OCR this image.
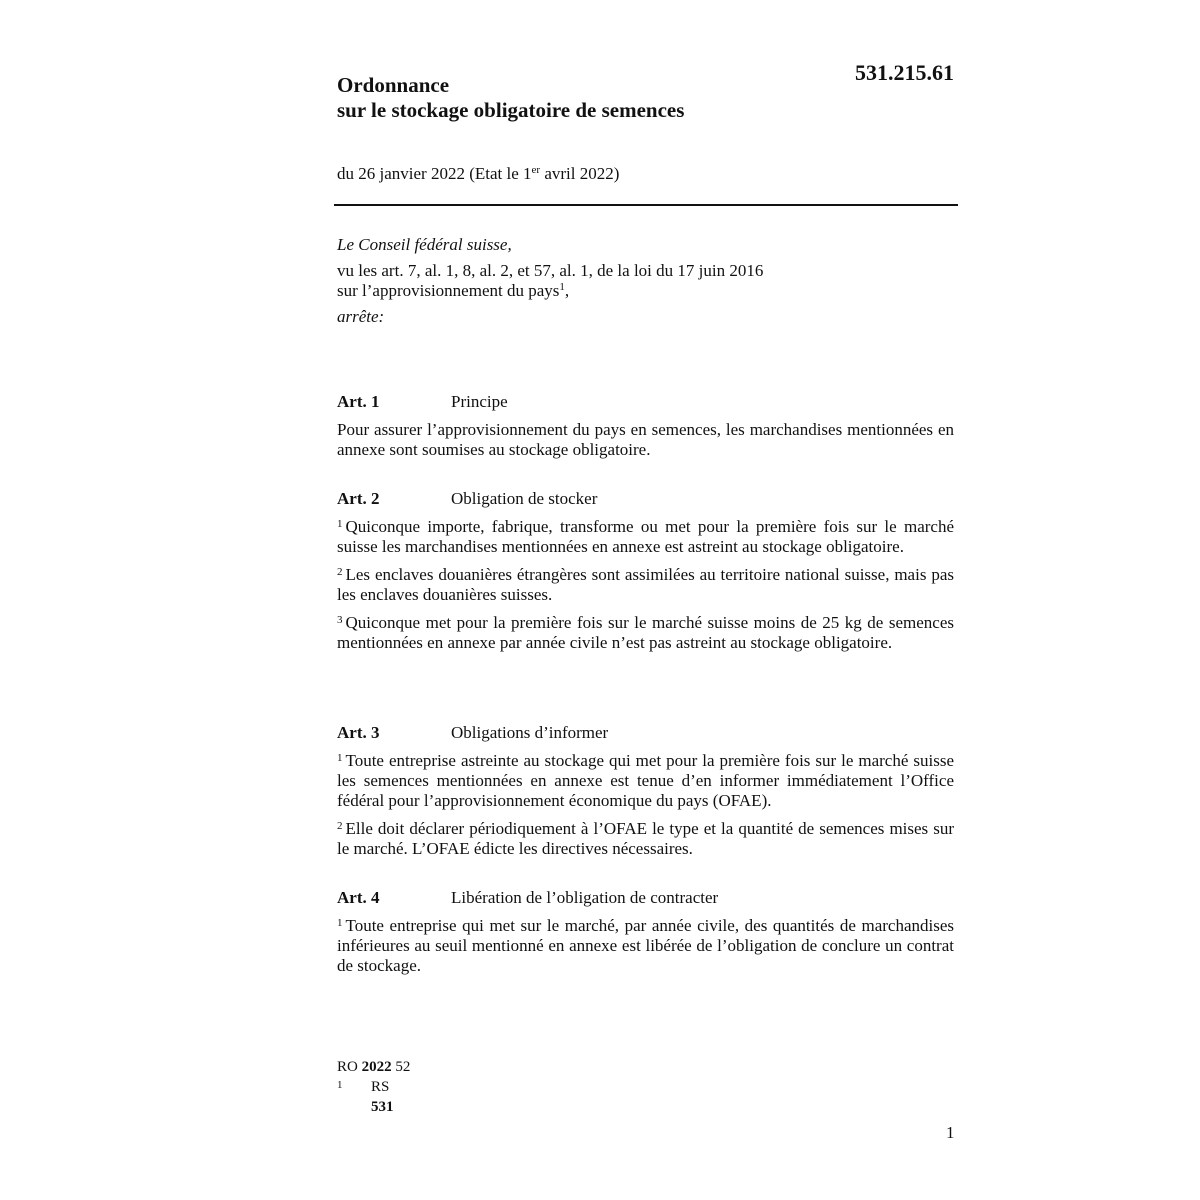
531.215.61
Ordonnance
sur le stockage obligatoire de semences
du 26 janvier 2022 (Etat le 1er avril 2022)
Le Conseil fédéral suisse,
vu les art. 7, al. 1, 8, al. 2, et 57, al. 1, de la loi du 17 juin 2016
sur l’approvisionnement du pays$^1$,
arrête:
Art. 1	Principe
Pour assurer l’approvisionnement du pays en semences, les marchandises mentionnées en annexe sont soumises au stockage obligatoire.
Art. 2	Obligation de stocker
$^1$ Quiconque importe, fabrique, transforme ou met pour la première fois sur le marché suisse les marchandises mentionnées en annexe est astreint au stockage obligatoire.
$^2$ Les enclaves douanières étrangères sont assimilées au territoire national suisse, mais pas les enclaves douanières suisses.
$^3$ Quiconque met pour la première fois sur le marché suisse moins de 25 kg de semences mentionnées en annexe par année civile n’est pas astreint au stockage obligatoire.
Art. 3	Obligations d’informer
$^1$ Toute entreprise astreinte au stockage qui met pour la première fois sur le marché suisse les semences mentionnées en annexe est tenue d’en informer immédiatement l’Office fédéral pour l’approvisionnement économique du pays (OFAE).
$^2$ Elle doit déclarer périodiquement à l’OFAE le type et la quantité de semences mises sur le marché. L’OFAE édicte les directives nécessaires.
Art. 4	Libération de l’obligation de contracter
$^1$ Toute entreprise qui met sur le marché, par année civile, des quantités de marchandises inférieures au seuil mentionné en annexe est libérée de l’obligation de conclure un contrat de stockage.
RO 2022 52
1 RS 531
1
